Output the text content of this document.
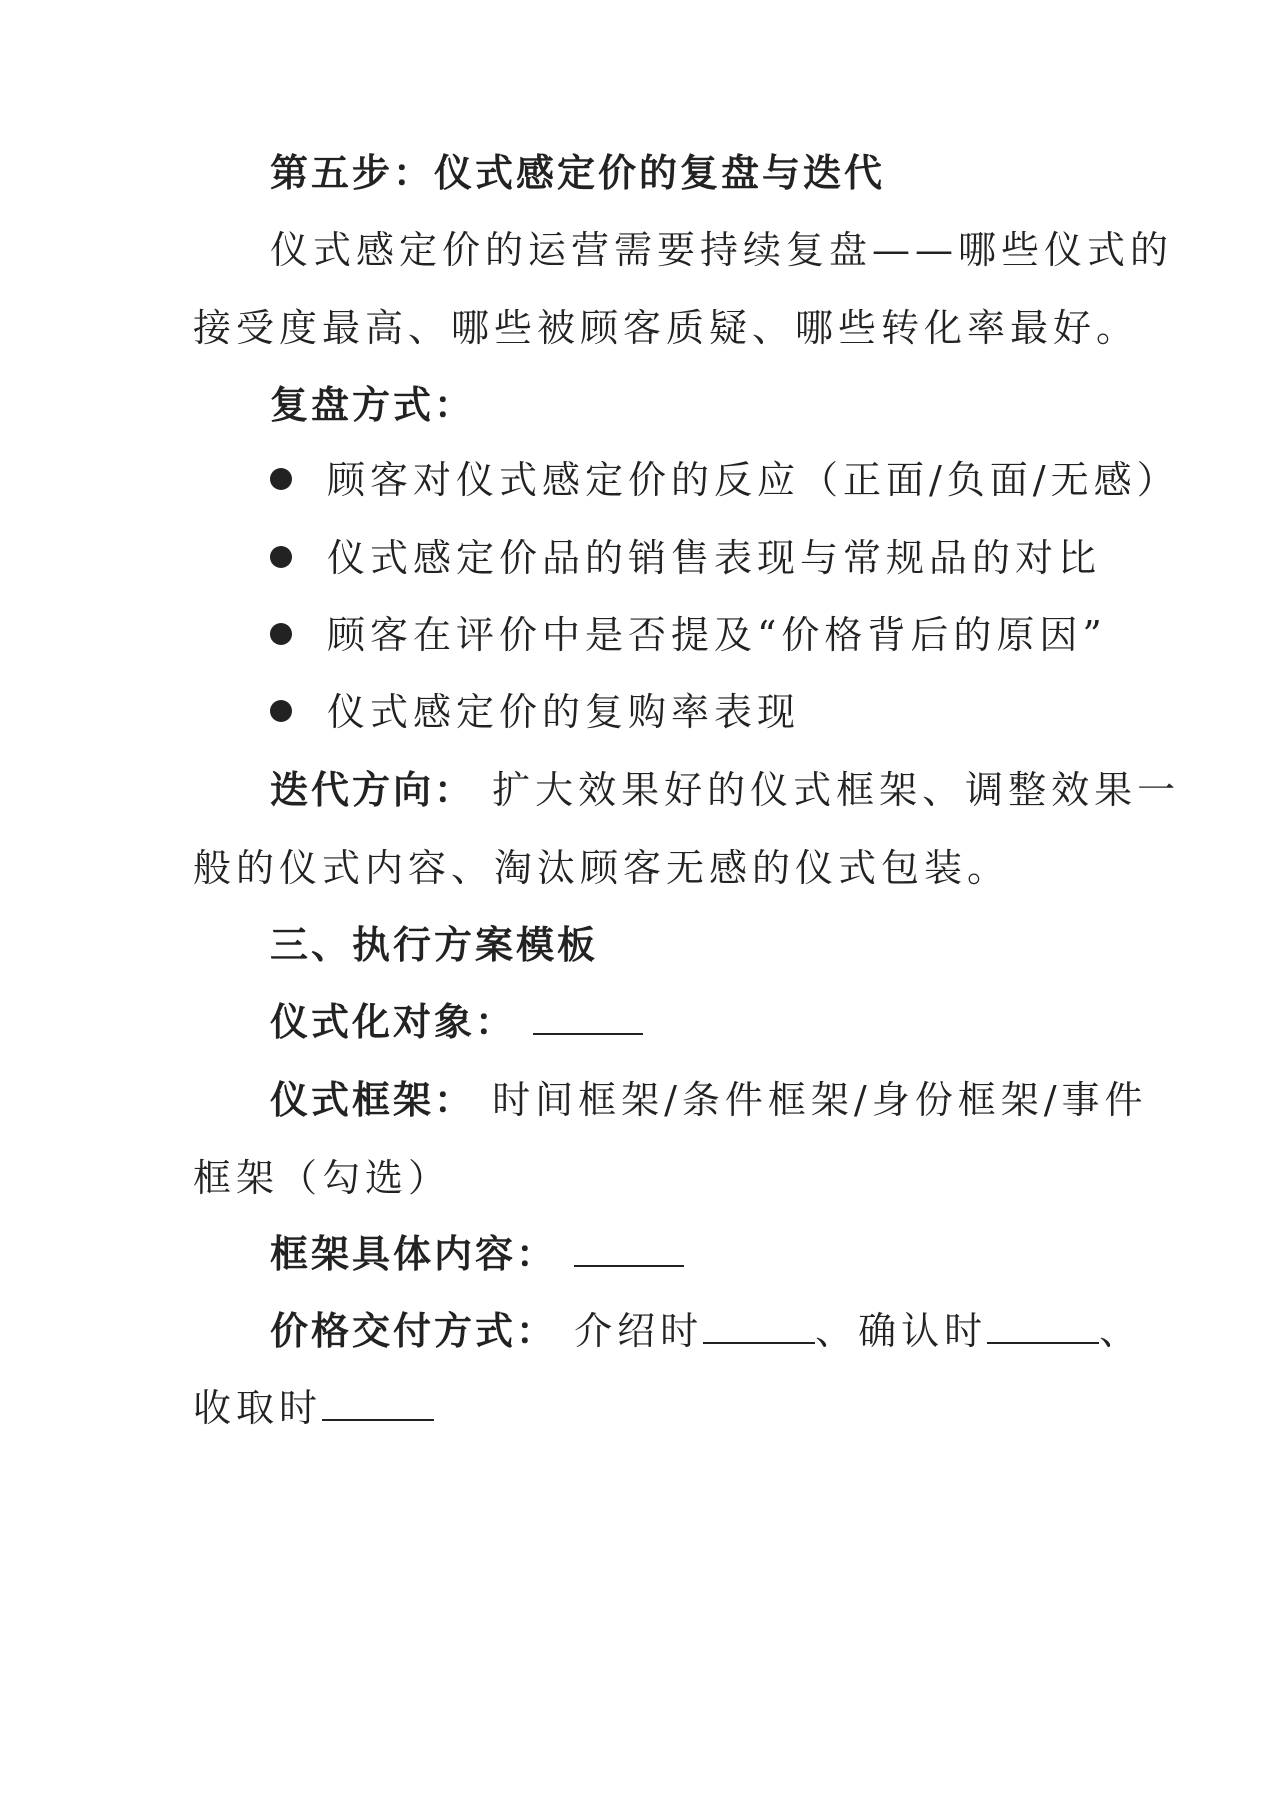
第五步：仪式感定价的复盘与迭代
仪式感定价的运营需要持续复盘——哪些仪式的
接受度最高、哪些被顾客质疑、哪些转化率最好。
复盘方式：
顾客对仪式感定价的反应（正面/负面/无感）
仪式感定价品的销售表现与常规品的对比
顾客在评价中是否提及“价格背后的原因”
仪式感定价的复购率表现
迭代方向： 扩大效果好的仪式框架、调整效果一
般的仪式内容、淘汰顾客无感的仪式包装。
三、执行方案模板
仪式化对象：
仪式框架： 时间框架/条件框架/身份框架/事件
框架（勾选）
框架具体内容：
价格交付方式： 介绍时	、确认时	、
收取时
